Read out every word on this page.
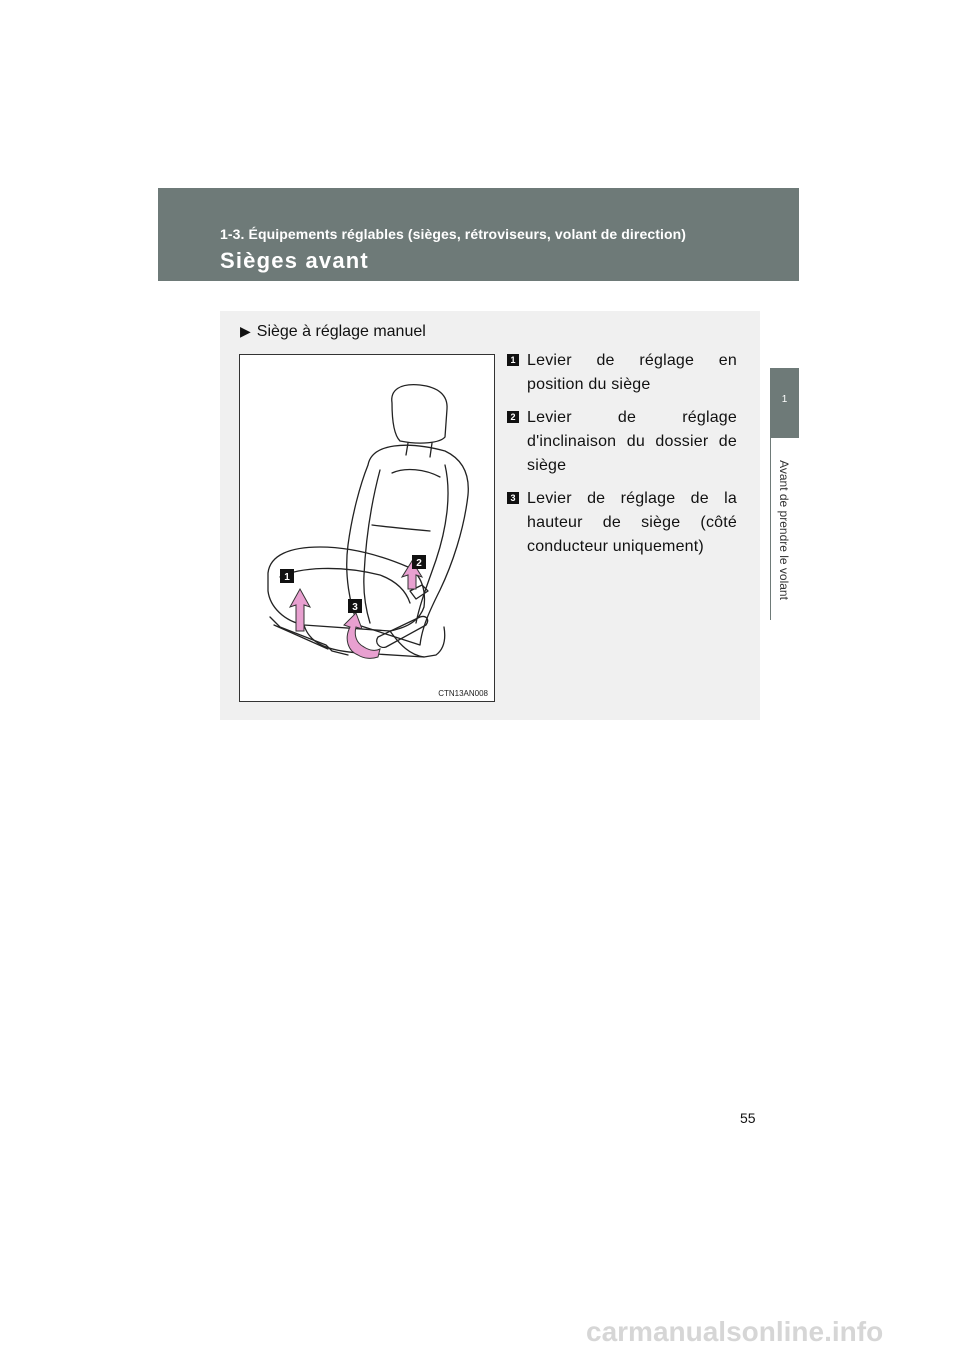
1-3. Équipements réglables (sièges, rétroviseurs, volant de direction)
Sièges avant
1
Avant de prendre le volant
▶ Siège à réglage manuel
1
2
3
CTN13AN008
1 Levier de réglage en position du siège
2 Levier de réglage d'inclinaison du dossier de siège
3 Levier de réglage de la hauteur de siège (côté conducteur uniquement)
55
carmanualsonline.info
